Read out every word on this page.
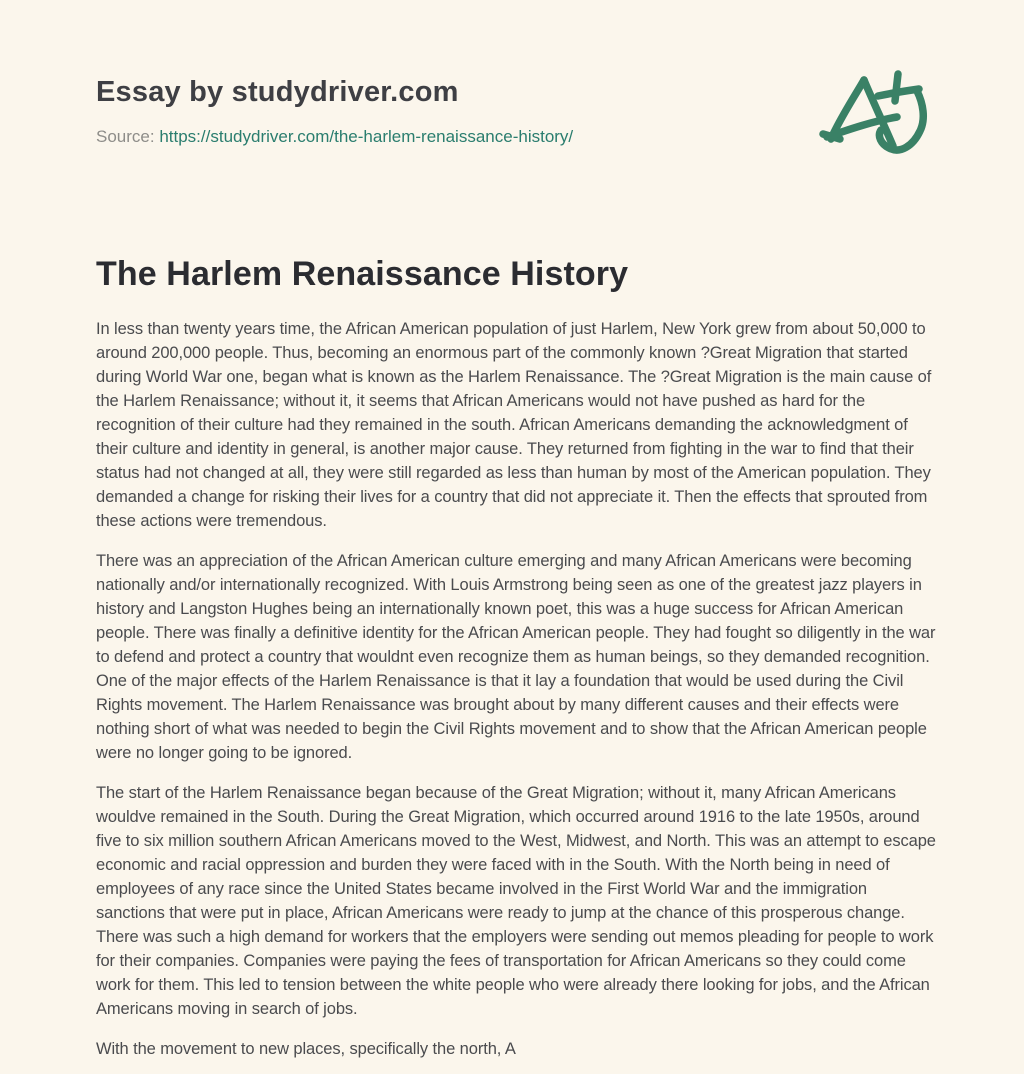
Essay by studydriver.com

Source: https://studydriver.com/the-harlem-renaissance-history/

The Harlem Renaissance History

In less than twenty years time, the African American population of just Harlem, New York grew from about 50,000 to around 200,000 people. Thus, becoming an enormous part of the commonly known ?Great Migration that started during World War one, began what is known as the Harlem Renaissance. The ?Great Migration is the main cause of the Harlem Renaissance; without it, it seems that African Americans would not have pushed as hard for the recognition of their culture had they remained in the south. African Americans demanding the acknowledgment of their culture and identity in general, is another major cause. They returned from fighting in the war to find that their status had not changed at all, they were still regarded as less than human by most of the American population. They demanded a change for risking their lives for a country that did not appreciate it. Then the effects that sprouted from these actions were tremendous.

There was an appreciation of the African American culture emerging and many African Americans were becoming nationally and/or internationally recognized. With Louis Armstrong being seen as one of the greatest jazz players in history and Langston Hughes being an internationally known poet, this was a huge success for African American people. There was finally a definitive identity for the African American people. They had fought so diligently in the war to defend and protect a country that wouldnt even recognize them as human beings, so they demanded recognition. One of the major effects of the Harlem Renaissance is that it lay a foundation that would be used during the Civil Rights movement. The Harlem Renaissance was brought about by many different causes and their effects were nothing short of what was needed to begin the Civil Rights movement and to show that the African American people were no longer going to be ignored.

The start of the Harlem Renaissance began because of the Great Migration; without it, many African Americans wouldve remained in the South. During the Great Migration, which occurred around 1916 to the late 1950s, around five to six million southern African Americans moved to the West, Midwest, and North. This was an attempt to escape economic and racial oppression and burden they were faced with in the South. With the North being in need of employees of any race since the United States became involved in the First World War and the immigration sanctions that were put in place, African Americans were ready to jump at the chance of this prosperous change. There was such a high demand for workers that the employers were sending out memos pleading for people to work for their companies. Companies were paying the fees of transportation for African Americans so they could come work for them. This led to tension between the white people who were already there looking for jobs, and the African Americans moving in search of jobs.

With the movement to new places, specifically the north, A
